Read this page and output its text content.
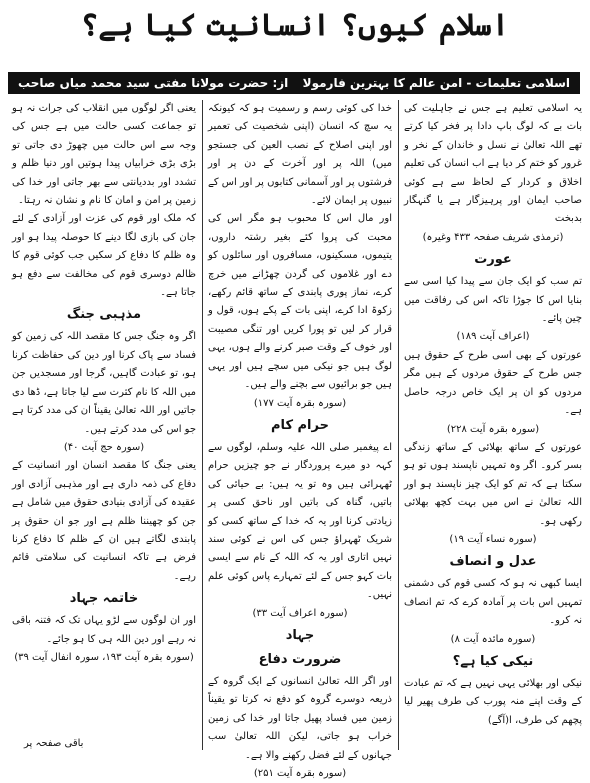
اسلام کیوں؟ انسانیت کیا ہے؟
اسلامی تعلیمات - امن عالم کا بہترین فارمولا
از: حضرت مولانا مفتی سید محمد میاں صاحب

یہ اسلامی تعلیم ہے جس نے جاہلیت کی بات بے کہ لوگ باپ دادا پر فخر کیا کرتے تھے اللہ تعالیٰ نے نسل و خاندان کے نخر و غرور کو ختم کر دیا ہے اب انسان کی تعلیم اخلاق و کردار کے لحاظ سے ہے کوئی صاحب ایمان اور پرہیزگار ہے یا گنہگار بدبخت

(ترمذی شریف صفحہ ۴۳۳ وغیرہ)

عورت

تم سب کو ایک جان سے پیدا کیا اسی سے بنایا اس کا جوڑا تاکہ اس کی رفاقت میں چین پائے۔

(اعراف آیت ۱۸۹)

عورتوں کے بھی اسی طرح کے حقوق ہیں جس طرح کے حقوق مردوں کے ہیں مگر مردوں کو ان پر ایک خاص درجہ حاصل ہے۔

(سورہ بقرہ آیت ۲۲۸)

عورتوں کے ساتھ بھلائی کے ساتھ زندگی بسر کرو۔ اگر وہ تمہیں ناپسند ہوں تو ہو سکتا ہے کہ تم کو ایک چیز ناپسند ہو اور اللہ تعالیٰ نے اس میں بہت کچھ بھلائی رکھی ہو۔

(سورہ نساء آیت ۱۹)

عدل و انصاف

ایسا کبھی نہ ہو کہ کسی قوم کی دشمنی تمہیں اس بات پر آمادہ کرے کہ تم انصاف نہ کرو۔

(سورہ مائدہ آیت ۸)

نیکی کیا ہے؟

نیکی اور بھلائی یہی نہیں ہے کہ تم عبادت کے وقت اپنے منہ پورب کی طرف پھیر لیا پچھم کی طرف، ا(آگے)

خدا کی کوئی رسم و رسمیت ہو کہ کیونکہ یہ سچ کہ انسان (اپنی شخصیت کی تعمیر اور اپنی اصلاح کے نصب العین کی جستجو میں) اللہ پر اور آخرت کے دن پر اور فرشتوں پر اور آسمانی کتابوں پر اور اس کے نبیوں پر ایمان لائے۔

اور مال اس کا محبوب ہو مگر اس کی محبت کی پروا کئے بغیر رشتہ داروں، یتیموں، مسکینوں، مسافروں اور سائلوں کو دے اور غلاموں کی گردن چھڑانے میں خرچ کرے، نماز پوری پابندی کے ساتھ قائم رکھے، زکوۃ ادا کرے، اپنی بات کے پکے ہوں، قول و قرار کر لیں تو پورا کریں اور تنگی مصیبت اور خوف کے وقت صبر کرنے والے ہوں، یہی لوگ ہیں جو نیکی میں سچے ہیں اور یہی ہیں جو برائیوں سے بچنے والے ہیں۔

(سورہ بقرہ آیت ۱۷۷)

حرام کام

اے پیغمبر صلی اللہ علیہ وسلم، لوگوں سے کہہ دو میرے پروردگار نے جو چیزیں حرام ٹھہرائی ہیں وہ تو یہ ہیں: بے حیائی کی باتیں، گناہ کی باتیں اور ناحق کسی پر زیادتی کرنا اور یہ کہ خدا کے ساتھ کسی کو شریک ٹھہراؤ جس کی اس نے کوئی سند نہیں اتاری اور یہ کہ اللہ کے نام سے ایسی بات کہو جس کے لئے تمہارے پاس کوئی علم نہیں۔

(سورہ اعراف آیت ۳۳)

جہاد

ضرورت دفاع

اور اگر اللہ تعالیٰ انسانوں کے ایک گروہ کے ذریعہ دوسرے گروہ کو دفع نہ کرتا تو یقیناً زمین میں فساد پھیل جاتا اور خدا کی زمین خراب ہو جاتی، لیکن اللہ تعالیٰ سب جہانوں کے لئے فضل رکھنے والا ہے۔

(سورہ بقرہ آیت ۲۵۱)

یعنی اگر لوگوں میں انقلاب کی جرات نہ ہو تو جماعت کسی حالت میں ہے جس کی وجہ سے اس حالت میں چھوڑ دی جاتی تو بڑی بڑی خرابیاں پیدا ہوتیں اور دنیا ظلم و تشدد اور بددیانتی سے بھر جاتی اور خدا کی زمین پر امن و امان کا نام و نشان نہ رہتا۔

کہ ملک اور قوم کی عزت اور آزادی کے لئے جان کی بازی لگا دینے کا حوصلہ پیدا ہو اور وہ ظلم کا دفاع کر سکیں جب کوئی قوم کا ظالم دوسری قوم کی مخالفت سے دفع ہو جاتا ہے۔

مذہبی جنگ

اگر وہ جنگ جس کا مقصد اللہ کی زمین کو فساد سے پاک کرنا اور دین کی حفاظت کرنا ہو، تو عبادت گاہیں، گرجا اور مسجدیں جن میں اللہ کا نام کثرت سے لیا جاتا ہے، ڈھا دی جاتیں اور اللہ تعالیٰ یقیناً ان کی مدد کرتا ہے جو اس کی مدد کرتے ہیں۔

(سورہ حج آیت ۴۰)

یعنی جنگ کا مقصد انسان اور انسانیت کے دفاع کی ذمہ داری ہے اور مذہبی آزادی اور عقیدہ کی آزادی بنیادی حقوق میں شامل ہے جن کو چھیننا ظلم ہے اور جو ان حقوق پر پابندی لگاتے ہیں ان کے ظلم کا دفاع کرنا فرض ہے تاکہ انسانیت کی سلامتی قائم رہے۔

خاتمہ جہاد

اور ان لوگوں سے لڑو یہاں تک کہ فتنہ باقی نہ رہے اور دین اللہ ہی کا ہو جائے۔

(سورہ بقرہ آیت ۱۹۳، سورہ انفال آیت ۳۹)

باقی صفحہ پر
